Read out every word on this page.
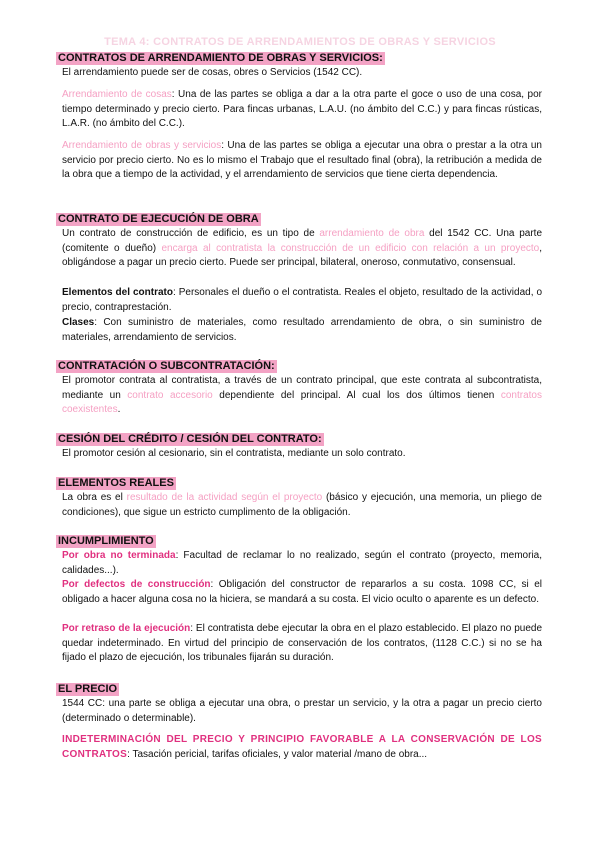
TEMA 4: CONTRATOS DE ARRENDAMIENTOS DE OBRAS Y SERVICIOS
CONTRATOS DE ARRENDAMIENTO DE OBRAS Y SERVICIOS:

El arrendamiento puede ser de cosas, obres o Servicios (1542 CC).

Arrendamiento de cosas: Una de las partes se obliga a dar a la otra parte el goce o uso de una cosa, por tiempo determinado y precio cierto. Para fincas urbanas, L.A.U. (no ámbito del C.C.) y para fincas rústicas, L.A.R. (no ámbito del C.C.).

Arrendamiento de obras y servicios: Una de las partes se obliga a ejecutar una obra o prestar a la otra un servicio por precio cierto. No es lo mismo el Trabajo que el resultado final (obra), la retribución a medida de la obra que a tiempo de la actividad, y el arrendamiento de servicios que tiene cierta dependencia.

CONTRATO DE EJECUCIÓN DE OBRA

Un contrato de construcción de edificio, es un tipo de arrendamiento de obra del 1542 CC. Una parte (comitente o dueño) encarga al contratista la construcción de un edificio con relación a un proyecto, obligándose a pagar un precio cierto. Puede ser principal, bilateral, oneroso, conmutativo, consensual.

Elementos del contrato: Personales el dueño o el contratista. Reales el objeto, resultado de la actividad, o precio, contraprestación.

Clases: Con suministro de materiales, como resultado arrendamiento de obra, o sin suministro de materiales, arrendamiento de servicios.

CONTRATACIÓN O SUBCONTRATACIÓN:

El promotor contrata al contratista, a través de un contrato principal, que este contrata al subcontratista, mediante un contrato accesorio dependiente del principal. Al cual los dos últimos tienen contratos coexistentes.

CESIÓN DEL CRÉDITO / CESIÓN DEL CONTRATO:

El promotor cesión al cesionario, sin el contratista, mediante un solo contrato.

ELEMENTOS REALES

La obra es el resultado de la actividad según el proyecto (básico y ejecución, una memoria, un pliego de condiciones), que sigue un estricto cumplimento de la obligación.

INCUMPLIMIENTO

Por obra no terminada: Facultad de reclamar lo no realizado, según el contrato (proyecto, memoria, calidades...).

Por defectos de construcción: Obligación del constructor de repararlos a su costa. 1098 CC, si el obligado a hacer alguna cosa no la hiciera, se mandará a su costa. El vicio oculto o aparente es un defecto.

Por retraso de la ejecución: El contratista debe ejecutar la obra en el plazo establecido. El plazo no puede quedar indeterminado. En virtud del principio de conservación de los contratos, (1128 C.C.) si no se ha fijado el plazo de ejecución, los tribunales fijarán su duración.

EL PRECIO

1544 CC: una parte se obliga a ejecutar una obra, o prestar un servicio, y la otra a pagar un precio cierto (determinado o determinable).

INDETERMINACIÓN DEL PRECIO Y PRINCIPIO FAVORABLE A LA CONSERVACIÓN DE LOS CONTRATOS: Tasación pericial, tarifas oficiales, y valor material /mano de obra...
